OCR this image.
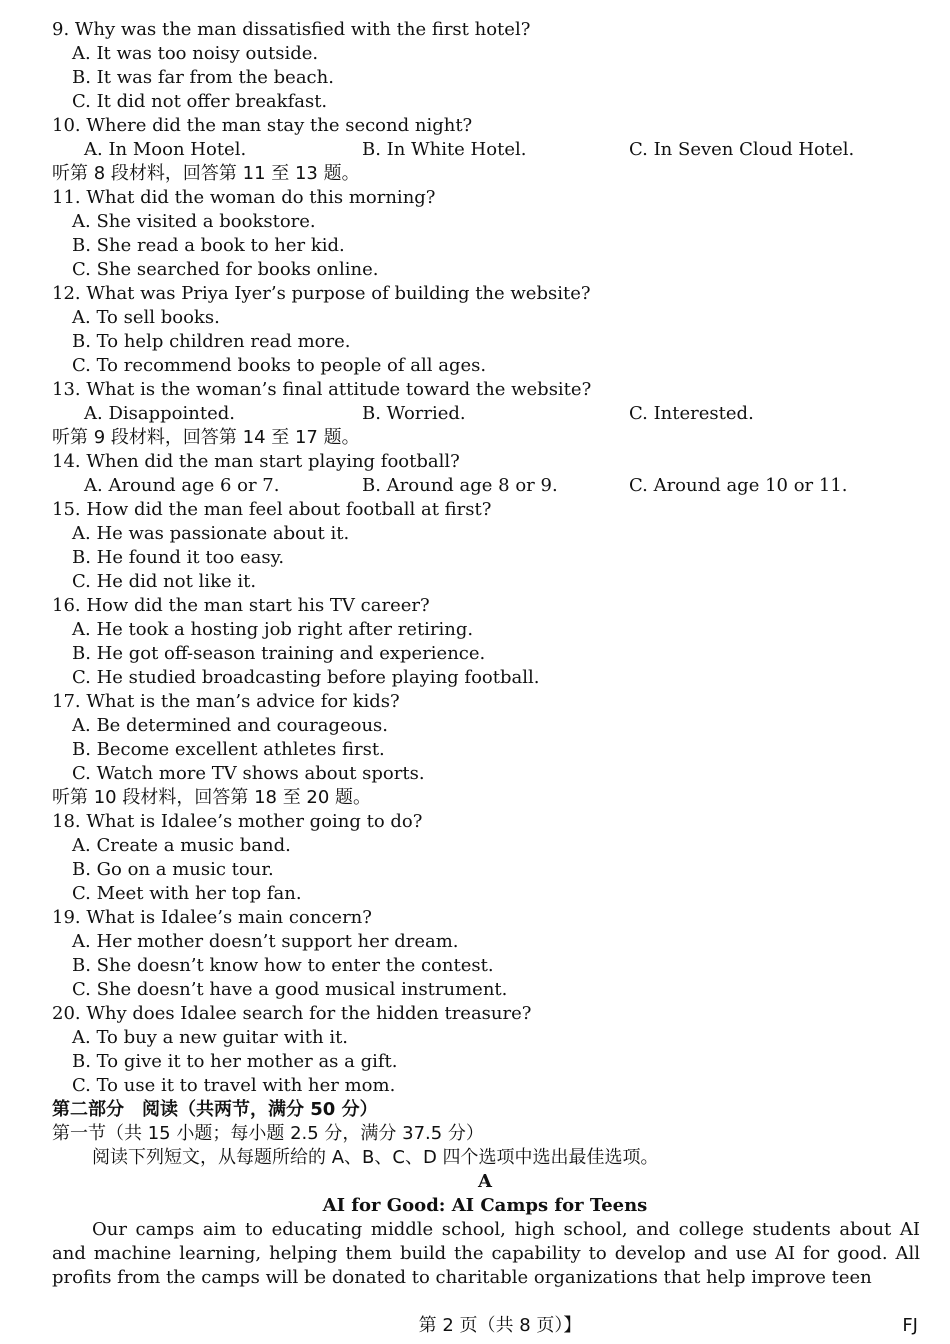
9. Why was the man dissatisfied with the first hotel?
A. It was too noisy outside.
B. It was far from the beach.
C. It did not offer breakfast.
10. Where did the man stay the second night?
A. In Moon Hotel.	B. In White Hotel.	C. In Seven Cloud Hotel.
听第 8 段材料，回答第 11 至 13 题。
11. What did the woman do this morning?
A. She visited a bookstore.
B. She read a book to her kid.
C. She searched for books online.
12. What was Priya Iyer’s purpose of building the website?
A. To sell books.
B. To help children read more.
C. To recommend books to people of all ages.
13. What is the woman’s final attitude toward the website?
A. Disappointed.	B. Worried.	C. Interested.
听第 9 段材料，回答第 14 至 17 题。
14. When did the man start playing football?
A. Around age 6 or 7.	B. Around age 8 or 9.	C. Around age 10 or 11.
15. How did the man feel about football at first?
A. He was passionate about it.
B. He found it too easy.
C. He did not like it.
16. How did the man start his TV career?
A. He took a hosting job right after retiring.
B. He got off-season training and experience.
C. He studied broadcasting before playing football.
17. What is the man’s advice for kids?
A. Be determined and courageous.
B. Become excellent athletes first.
C. Watch more TV shows about sports.
听第 10 段材料，回答第 18 至 20 题。
18. What is Idalee’s mother going to do?
A. Create a music band.
B. Go on a music tour.
C. Meet with her top fan.
19. What is Idalee’s main concern?
A. Her mother doesn’t support her dream.
B. She doesn’t know how to enter the contest.
C. She doesn’t have a good musical instrument.
20. Why does Idalee search for the hidden treasure?
A. To buy a new guitar with it.
B. To give it to her mother as a gift.
C. To use it to travel with her mom.
第二部分　阅读（共两节，满分 50 分）
第一节（共 15 小题；每小题 2.5 分，满分 37.5 分）
阅读下列短文，从每题所给的 A、B、C、D 四个选项中选出最佳选项。
A
AI for Good: AI Camps for Teens
Our camps aim to educating middle school, high school, and college students about AI and machine learning, helping them build the capability to develop and use AI for good. All profits from the camps will be donated to charitable organizations that help improve teen
第 2 页（共 8 页）】	FJ
